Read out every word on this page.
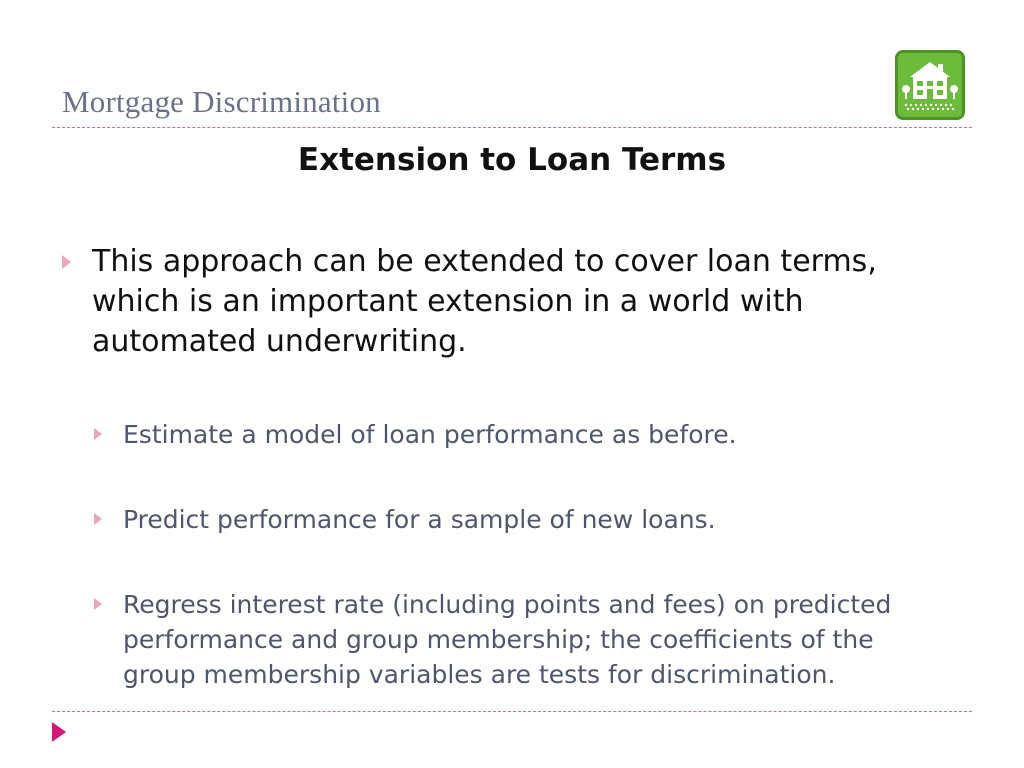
Mortgage Discrimination
Extension to Loan Terms
This approach can be extended to cover loan terms, which is an important extension in a world with automated underwriting.
Estimate a model of loan performance as before.
Predict performance for a sample of new loans.
Regress interest rate (including points and fees) on predicted performance and group membership; the coefficients of the group membership variables are tests for discrimination.
